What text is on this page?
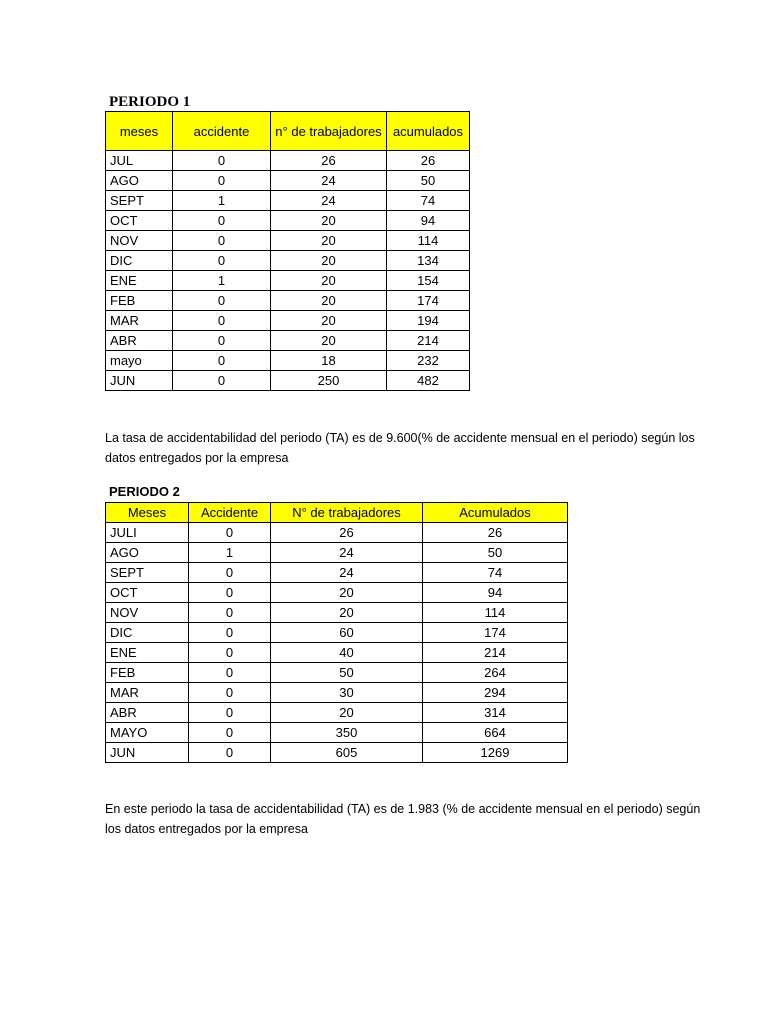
PERIODO 1
meses	accidente	n° de trabajadores	acumulados
JUL	0	26	26
AGO	0	24	50
SEPT	1	24	74
OCT	0	20	94
NOV	0	20	114
DIC	0	20	134
ENE	1	20	154
FEB	0	20	174
MAR	0	20	194
ABR	0	20	214
mayo	0	18	232
JUN	0	250	482
La tasa de accidentabilidad del periodo (TA) es de 9.600(% de accidente mensual en el periodo) según los datos entregados por la empresa
PERIODO 2
Meses	Accidente	N° de trabajadores	Acumulados
JULI	0	26	26
AGO	1	24	50
SEPT	0	24	74
OCT	0	20	94
NOV	0	20	114
DIC	0	60	174
ENE	0	40	214
FEB	0	50	264
MAR	0	30	294
ABR	0	20	314
MAYO	0	350	664
JUN	0	605	1269
En este periodo la tasa de accidentabilidad (TA) es de 1.983 (% de accidente mensual en el periodo) según los datos entregados por la empresa
